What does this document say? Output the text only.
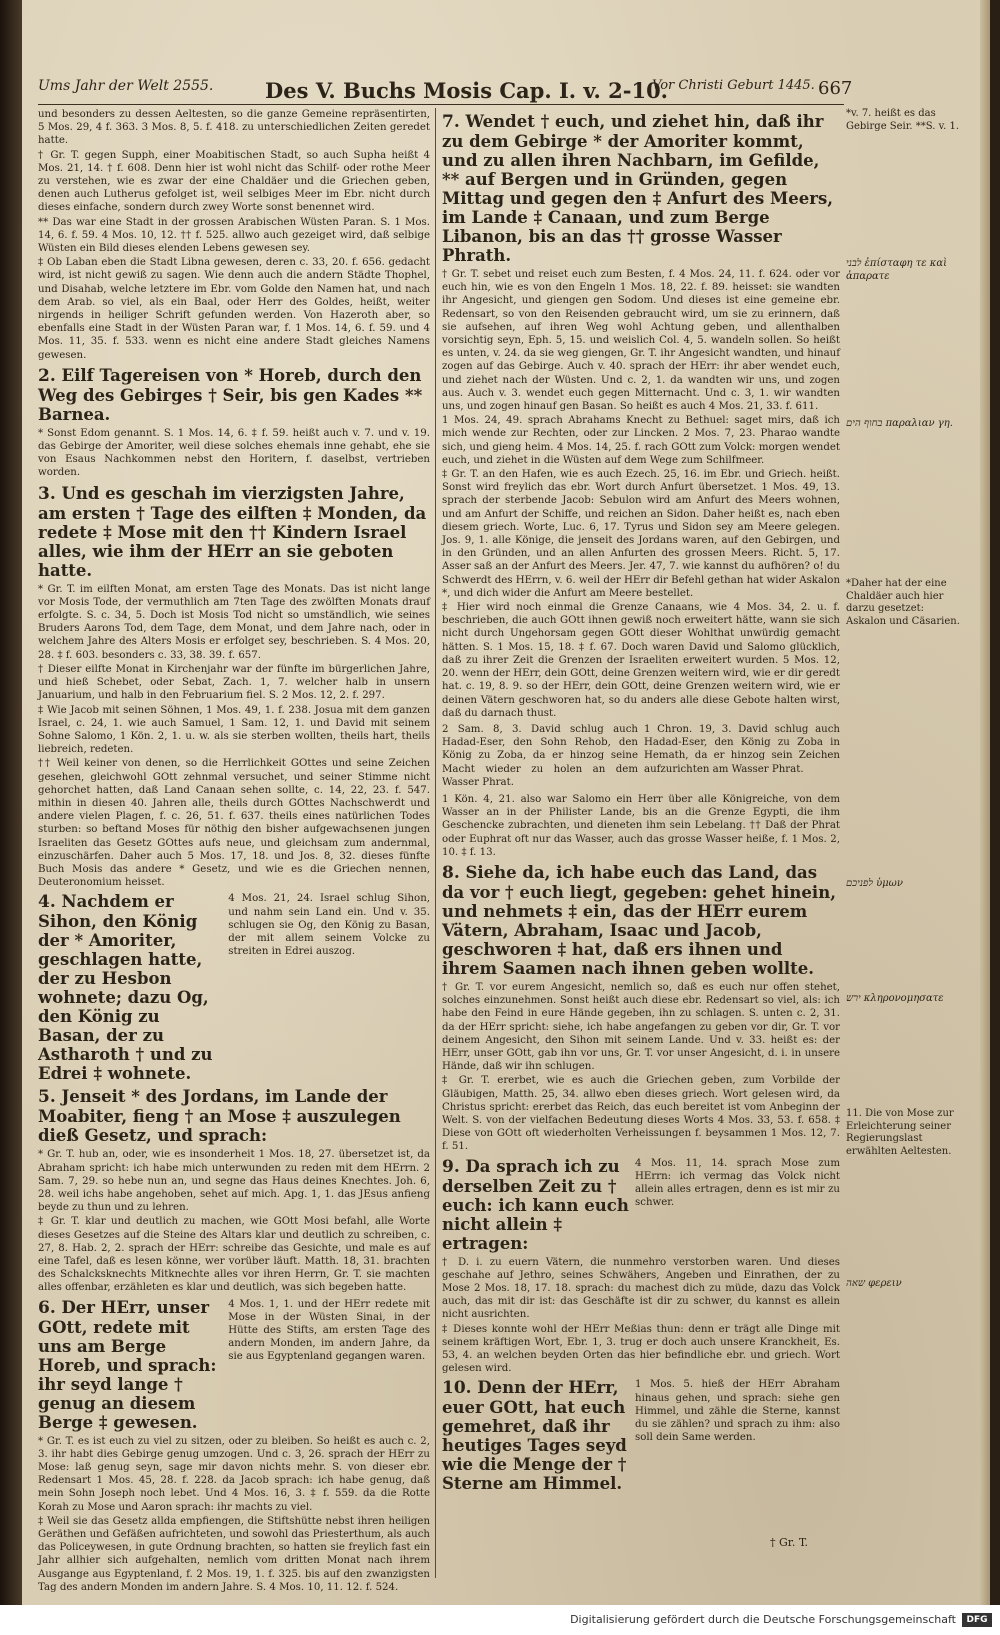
Ums Jahr der Welt 2555. Des V. Buchs Mosis Cap. I. v. 2-10.
Vor Christi Geburt 1445. 667

und besonders zu dessen Aeltesten, so die ganze Gemeine repräsentirten, 5 Mos. 29, 4 f. 363. 3 Mos. 8, 5. f. 418. zu unterschiedlichen Zeiten geredet hatte.

† Gr. T. gegen Supph, einer Moabitischen Stadt, so auch Supha heißt 4 Mos. 21, 14. † f. 608. Denn hier ist wohl nicht das Schilf- oder rothe Meer zu verstehen, wie es zwar der eine Chaldäer und die Griechen geben, denen auch Lutherus gefolget ist, weil selbiges Meer im Ebr. nicht durch dieses einfache, sondern durch zwey Worte sonst benennet wird.

** Das war eine Stadt in der grossen Arabischen Wüsten Paran. S. 1 Mos. 14, 6. f. 59. 4 Mos. 10, 12. †† f. 525. allwo auch gezeiget wird, daß selbige Wüsten ein Bild dieses elenden Lebens gewesen sey.

‡ Ob Laban eben die Stadt Libna gewesen, deren c. 33, 20. f. 656. gedacht wird, ist nicht gewiß zu sagen. Wie denn auch die andern Städte Thophel, und Disahab, welche letztere im Ebr. vom Golde den Namen hat, und nach dem Arab. so viel, als ein Baal, oder Herr des Goldes, heißt, weiter nirgends in heiliger Schrift gefunden werden. Von Hazeroth aber, so ebenfalls eine Stadt in der Wüsten Paran war, f. 1 Mos. 14, 6. f. 59. und 4 Mos. 11, 35. f. 533. wenn es nicht eine andere Stadt gleiches Namens gewesen.

2. Eilf Tagereisen von * Horeb, durch den Weg des Gebirges † Seir, bis gen Kades ** Barnea.

* Sonst Edom genannt. S. 1 Mos. 14, 6. ‡ f. 59. heißt auch v. 7. und v. 19. das Gebirge der Amoriter, weil diese solches ehemals inne gehabt, ehe sie von Esaus Nachkommen nebst den Horitern, f. daselbst, vertrieben worden.

3. Und es geschah im vierzigsten Jahre, am ersten † Tage des eilften ‡ Monden, da redete ‡ Mose mit den †† Kindern Israel alles, wie ihm der HErr an sie geboten hatte.

* Gr. T. im eilften Monat, am ersten Tage des Monats. Das ist nicht lange vor Mosis Tode, der vermuthlich am 7ten Tage des zwölften Monats drauf erfolgte. S. c. 34, 5. Doch ist Mosis Tod nicht so umständlich, wie seines Bruders Aarons Tod, dem Tage, dem Monat, und dem Jahre nach, oder in welchem Jahre des Alters Mosis er erfolget sey, beschrieben. S. 4 Mos. 20, 28. ‡ f. 603. besonders c. 33, 38. 39. f. 657.

† Dieser eilfte Monat in Kirchenjahr war der fünfte im bürgerlichen Jahre, und hieß Schebet, oder Sebat, Zach. 1, 7. welcher halb in unsern Januarium, und halb in den Februarium fiel. S. 2 Mos. 12, 2. f. 297.

‡ Wie Jacob mit seinen Söhnen, 1 Mos. 49, 1. f. 238. Josua mit dem ganzen Israel, c. 24, 1. wie auch Samuel, 1 Sam. 12, 1. und David mit seinem Sohne Salomo, 1 Kön. 2, 1. u. w. als sie sterben wollten, theils hart, theils liebreich, redeten.

†† Weil keiner von denen, so die Herrlichkeit GOttes und seine Zeichen gesehen, gleichwohl GOtt zehnmal versuchet, und seiner Stimme nicht gehorchet hatten, daß Land Canaan sehen sollte, c. 14, 22, 23. f. 547. mithin in diesen 40. Jahren alle, theils durch GOttes Nachschwerdt und andere vielen Plagen, f. c. 26, 51. f. 637. theils eines natürlichen Todes sturben: so beftand Moses für nöthig den bisher aufgewachsenen jungen Israeliten das Gesetz GOttes aufs neue, und gleichsam zum andernmal, einzuschärfen. Daher auch 5 Mos. 17, 18. und Jos. 8, 32. dieses fünfte Buch Mosis das andere * Gesetz, und wie es die Griechen nennen, Deuteronomium heisset.

4. Nachdem er Sihon, den König der * Amoriter, geschlagen hatte, der zu Hesbon wohnete; dazu Og, den König zu Basan, der zu Astharoth † und zu Edrei ‡ wohnete.

4 Mos. 21, 24. Israel schlug Sihon, und nahm sein Land ein. Und v. 35. schlugen sie Og, den König zu Basan, der mit allem seinem Volcke zu streiten in Edrei auszog.

5. Jenseit * des Jordans, im Lande der Moabiter, fieng † an Mose ‡ auszulegen dieß Gesetz, und sprach:

* Gr. T. hub an, oder, wie es insonderheit 1 Mos. 18, 27. übersetzet ist, da Abraham spricht: ich habe mich unterwunden zu reden mit dem HErrn. 2 Sam. 7, 29. so hebe nun an, und segne das Haus deines Knechtes. Joh. 6, 28. weil ichs habe angehoben, sehet auf mich. Apg. 1, 1. das JEsus anfieng beyde zu thun und zu lehren.

‡ Gr. T. klar und deutlich zu machen, wie GOtt Mosi befahl, alle Worte dieses Gesetzes auf die Steine des Altars klar und deutlich zu schreiben, c. 27, 8. Hab. 2, 2. sprach der HErr: schreibe das Gesichte, und male es auf eine Tafel, daß es lesen könne, wer vorüber läuft. Matth. 18, 31. brachten des Schalcksknechts Mitknechte alles vor ihren Herrn, Gr. T. sie machten alles offenbar, erzähleten es klar und deutlich, was sich begeben hatte.

6. Der HErr, unser GOtt, redete mit uns am Berge Horeb, und sprach: ihr seyd lange † genug an diesem Berge ‡ gewesen.

4 Mos. 1, 1. und der HErr redete mit Mose in der Wüsten Sinai, in der Hütte des Stifts, am ersten Tage des andern Monden, im andern Jahre, da sie aus Egyptenland gegangen waren.

* Gr. T. es ist euch zu viel zu sitzen, oder zu bleiben. So heißt es auch c. 2, 3. ihr habt dies Gebirge genug umzogen. Und c. 3, 26. sprach der HErr zu Mose: laß genug seyn, sage mir davon nichts mehr. S. von dieser ebr. Redensart 1 Mos. 45, 28. f. 228. da Jacob sprach: ich habe genug, daß mein Sohn Joseph noch lebet. Und 4 Mos. 16, 3. ‡ f. 559. da die Rotte Korah zu Mose und Aaron sprach: ihr machts zu viel.

‡ Weil sie das Gesetz allda empfiengen, die Stiftshütte nebst ihren heiligen Geräthen und Gefäßen aufrichteten, und sowohl das Priesterthum, als auch das Policeywesen, in gute Ordnung brachten, so hatten sie freylich fast ein Jahr allhier sich aufgehalten, nemlich vom dritten Monat nach ihrem Ausgange aus Egyptenland, f. 2 Mos. 19, 1. f. 325. bis auf den zwanzigsten Tag des andern Monden im andern Jahre. S. 4 Mos. 10, 11. 12. f. 524.

7. Wendet † euch, und ziehet hin, daß ihr zu dem Gebirge * der Amoriter kommt, und zu allen ihren Nachbarn, im Gefilde, ** auf Bergen und in Gründen, gegen Mittag und gegen den ‡ Anfurt des Meers, im Lande ‡ Canaan, und zum Berge Libanon, bis an das †† grosse Wasser Phrath.

† Gr. T. sebet und reiset euch zum Besten, f. 4 Mos. 24, 11. f. 624. oder vor euch hin, wie es von den Engeln 1 Mos. 18, 22. f. 89. heisset: sie wandten ihr Angesicht, und giengen gen Sodom. Und dieses ist eine gemeine ebr. Redensart, so von den Reisenden gebraucht wird, um sie zu erinnern, daß sie aufsehen, auf ihren Weg wohl Achtung geben, und allenthalben vorsichtig seyn, Eph. 5, 15. und weislich Col. 4, 5. wandeln sollen. So heißt es unten, v. 24. da sie weg giengen, Gr. T. ihr Angesicht wandten, und hinauf zogen auf das Gebirge. Auch v. 40. sprach der HErr: ihr aber wendet euch, und ziehet nach der Wüsten. Und c. 2, 1. da wandten wir uns, und zogen aus. Auch v. 3. wendet euch gegen Mitternacht. Und c. 3, 1. wir wandten uns, und zogen hinauf gen Basan. So heißt es auch 4 Mos. 21, 33. f. 611.

1 Mos. 24, 49. sprach Abrahams Knecht zu Bethuel: saget mirs, daß ich mich wende zur Rechten, oder zur Lincken. 2 Mos. 7, 23. Pharao wandte sich, und gieng heim. 4 Mos. 14, 25. f. rach GOtt zum Volck: morgen wendet euch, und ziehet in die Wüsten auf dem Wege zum Schilfmeer.

‡ Gr. T. an den Hafen, wie es auch Ezech. 25, 16. im Ebr. und Griech. heißt. Sonst wird freylich das ebr. Wort durch Anfurt übersetzet. 1 Mos. 49, 13. sprach der sterbende Jacob: Sebulon wird am Anfurt des Meers wohnen, und am Anfurt der Schiffe, und reichen an Sidon. Daher heißt es, nach eben diesem griech. Worte, Luc. 6, 17. Tyrus und Sidon sey am Meere gelegen. Jos. 9, 1. alle Könige, die jenseit des Jordans waren, auf den Gebirgen, und in den Gründen, und an allen Anfurten des grossen Meers. Richt. 5, 17. Asser saß an der Anfurt des Meers. Jer. 47, 7. wie kannst du aufhören? o! du Schwerdt des HErrn, v. 6. weil der HErr dir Befehl gethan hat wider Askalon *, und dich wider die Anfurt am Meere bestellet.

‡ Hier wird noch einmal die Grenze Canaans, wie 4 Mos. 34, 2. u. f. beschrieben, die auch GOtt ihnen gewiß noch erweitert hätte, wann sie sich nicht durch Ungehorsam gegen GOtt dieser Wohlthat unwürdig gemacht hätten. S. 1 Mos. 15, 18. ‡ f. 67. Doch waren David und Salomo glücklich, daß zu ihrer Zeit die Grenzen der Israeliten erweitert wurden. 5 Mos. 12, 20. wenn der HErr, dein GOtt, deine Grenzen weitern wird, wie er dir geredt hat. c. 19, 8. 9. so der HErr, dein GOtt, deine Grenzen weitern wird, wie er deinen Vätern geschworen hat, so du anders alle diese Gebote halten wirst, daß du darnach thust.

2 Sam. 8, 3. David schlug auch Hadad-Eser, den Sohn Rehob, den König zu Zoba, da er hinzog seine Macht wieder zu holen an dem Wasser Phrat.

1 Chron. 19, 3. David schlug auch Hadad-Eser, den König zu Zoba in Hemath, da er hinzog sein Zeichen aufzurichten am Wasser Phrat.

1 Kön. 4, 21. also war Salomo ein Herr über alle Königreiche, von dem Wasser an in der Philister Lande, bis an die Grenze Egypti, die ihm Geschencke zubrachten, und dieneten ihm sein Lebelang. †† Daß der Phrat oder Euphrat oft nur das Wasser, auch das grosse Wasser heiße, f. 1 Mos. 2, 10. ‡ f. 13.

8. Siehe da, ich habe euch das Land, das da vor † euch liegt, gegeben: gehet hinein, und nehmets ‡ ein, das der HErr eurem Vätern, Abraham, Isaac und Jacob, geschworen ‡ hat, daß ers ihnen und ihrem Saamen nach ihnen geben wollte.

† Gr. T. vor eurem Angesicht, nemlich so, daß es euch nur offen stehet, solches einzunehmen. Sonst heißt auch diese ebr. Redensart so viel, als: ich habe den Feind in eure Hände gegeben, ihn zu schlagen. S. unten c. 2, 31. da der HErr spricht: siehe, ich habe angefangen zu geben vor dir, Gr. T. vor deinem Angesicht, den Sihon mit seinem Lande. Und v. 33. heißt es: der HErr, unser GOtt, gab ihn vor uns, Gr. T. vor unser Angesicht, d. i. in unsere Hände, daß wir ihn schlugen.

‡ Gr. T. ererbet, wie es auch die Griechen geben, zum Vorbilde der Gläubigen, Matth. 25, 34. allwo eben dieses griech. Wort gelesen wird, da Christus spricht: ererbet das Reich, das euch bereitet ist vom Anbeginn der Welt. S. von der vielfachen Bedeutung dieses Worts 4 Mos. 33, 53. f. 658. ‡ Diese von GOtt oft wiederholten Verheissungen f. beysammen 1 Mos. 12, 7. f. 51.

9. Da sprach ich zu derselben Zeit zu † euch: ich kann euch nicht allein ‡ ertragen:

4 Mos. 11, 14. sprach Mose zum HErrn: ich vermag das Volck nicht allein alles ertragen, denn es ist mir zu schwer.

† D. i. zu euern Vätern, die nunmehro verstorben waren. Und dieses geschahe auf Jethro, seines Schwähers, Angeben und Einrathen, der zu Mose 2 Mos. 18, 17. 18. sprach: du machest dich zu müde, dazu das Volck auch, das mit dir ist: das Geschäfte ist dir zu schwer, du kannst es allein nicht ausrichten.

‡ Dieses konnte wohl der HErr Meßias thun: denn er trägt alle Dinge mit seinem kräftigen Wort, Ebr. 1, 3. trug er doch auch unsere Kranckheit, Es. 53, 4. an welchen beyden Orten das hier befindliche ebr. und griech. Wort gelesen wird.

10. Denn der HErr, euer GOtt, hat euch gemehret, daß ihr heutiges Tages seyd wie die Menge der † Sterne am Himmel.

1 Mos. 5. hieß der HErr Abraham hinaus gehen, und sprach: siehe gen Himmel, und zähle die Sterne, kannst du sie zählen? und sprach zu ihm: also soll dein Same werden.

*v. 7. heißt es das Gebirge Seir. **S. v. 1.
לבני ἐπίσταφη τε καὶ ἀπαρατε
בחוף הים παραλιαν γη.
*Daher hat der eine Chaldäer auch hier darzu gesetzet: Askalon und Cäsarien.
לפניכם ὑμων
ירש κληρονομησατε
11. Die von Mose zur Erleichterung seiner Regierungslast erwählten Aeltesten.
שאה φερειν
† Gr. T.
Digitalisierung gefördert durch die Deutsche Forschungsgemeinschaft	DFG
